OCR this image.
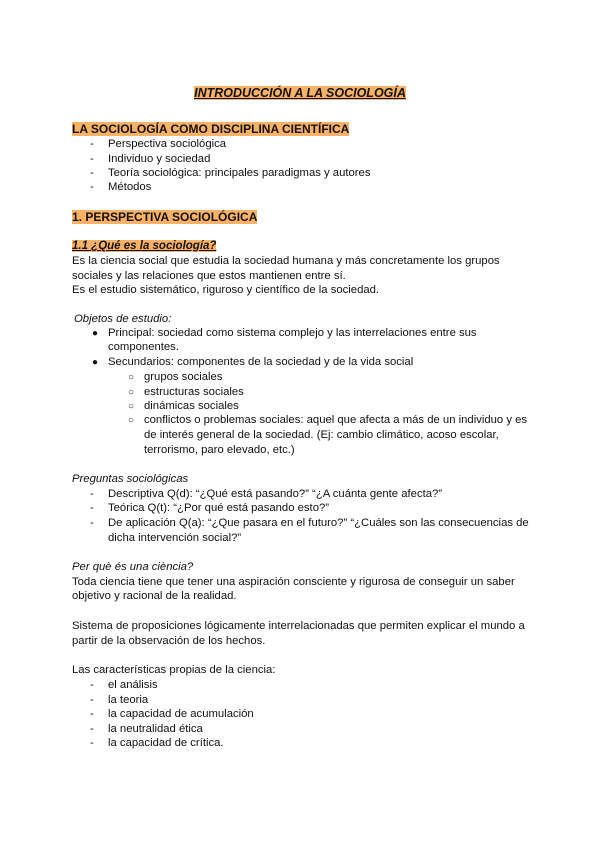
INTRODUCCIÓN A LA SOCIOLOGÍA
LA SOCIOLOGÍA COMO DISCIPLINA CIENTÍFICA
- Perspectiva sociológica
- Individuo y sociedad
- Teoría sociológica: principales paradigmas y autores
- Métodos
1. PERSPECTIVA SOCIOLÓGICA
1.1 ¿Qué es la sociología?
Es la ciencia social que estudia la sociedad humana y más concretamente los grupos
sociales y las relaciones que estos mantienen entre sí.
Es el estudio sistemático, riguroso y científico de la sociedad.
Objetos de estudio:
● Principal: sociedad como sistema complejo y las interrelaciones entre sus
componentes.
● Secundarios: componentes de la sociedad y de la vida social
○ grupos sociales
○ estructuras sociales
○ dinámicas sociales
○ conflictos o problemas sociales: aquel que afecta a más de un individuo y es
de interés general de la sociedad. (Ej: cambio climático, acoso escolar,
terrorismo, paro elevado, etc.)
Preguntas sociológicas
- Descriptiva Q(d): “¿Qué está pasando?” “¿A cuánta gente afecta?”
- Teórica Q(t): “¿Por qué está pasando esto?”
- De aplicación Q(a): “¿Que pasara en el futuro?” “¿Cuáles son las consecuencias de
dicha intervención social?”
Per què és una ciència?
Toda ciencia tiene que tener una aspiración consciente y rigurosa de conseguir un saber
objetivo y racional de la realidad.
Sistema de proposiciones lógicamente interrelacionadas que permiten explicar el mundo a
partir de la observación de los hechos.
Las características propias de la ciencia:
- el análisis
- la teoria
- la capacidad de acumulación
- la neutralidad ética
- la capacidad de crítica.
